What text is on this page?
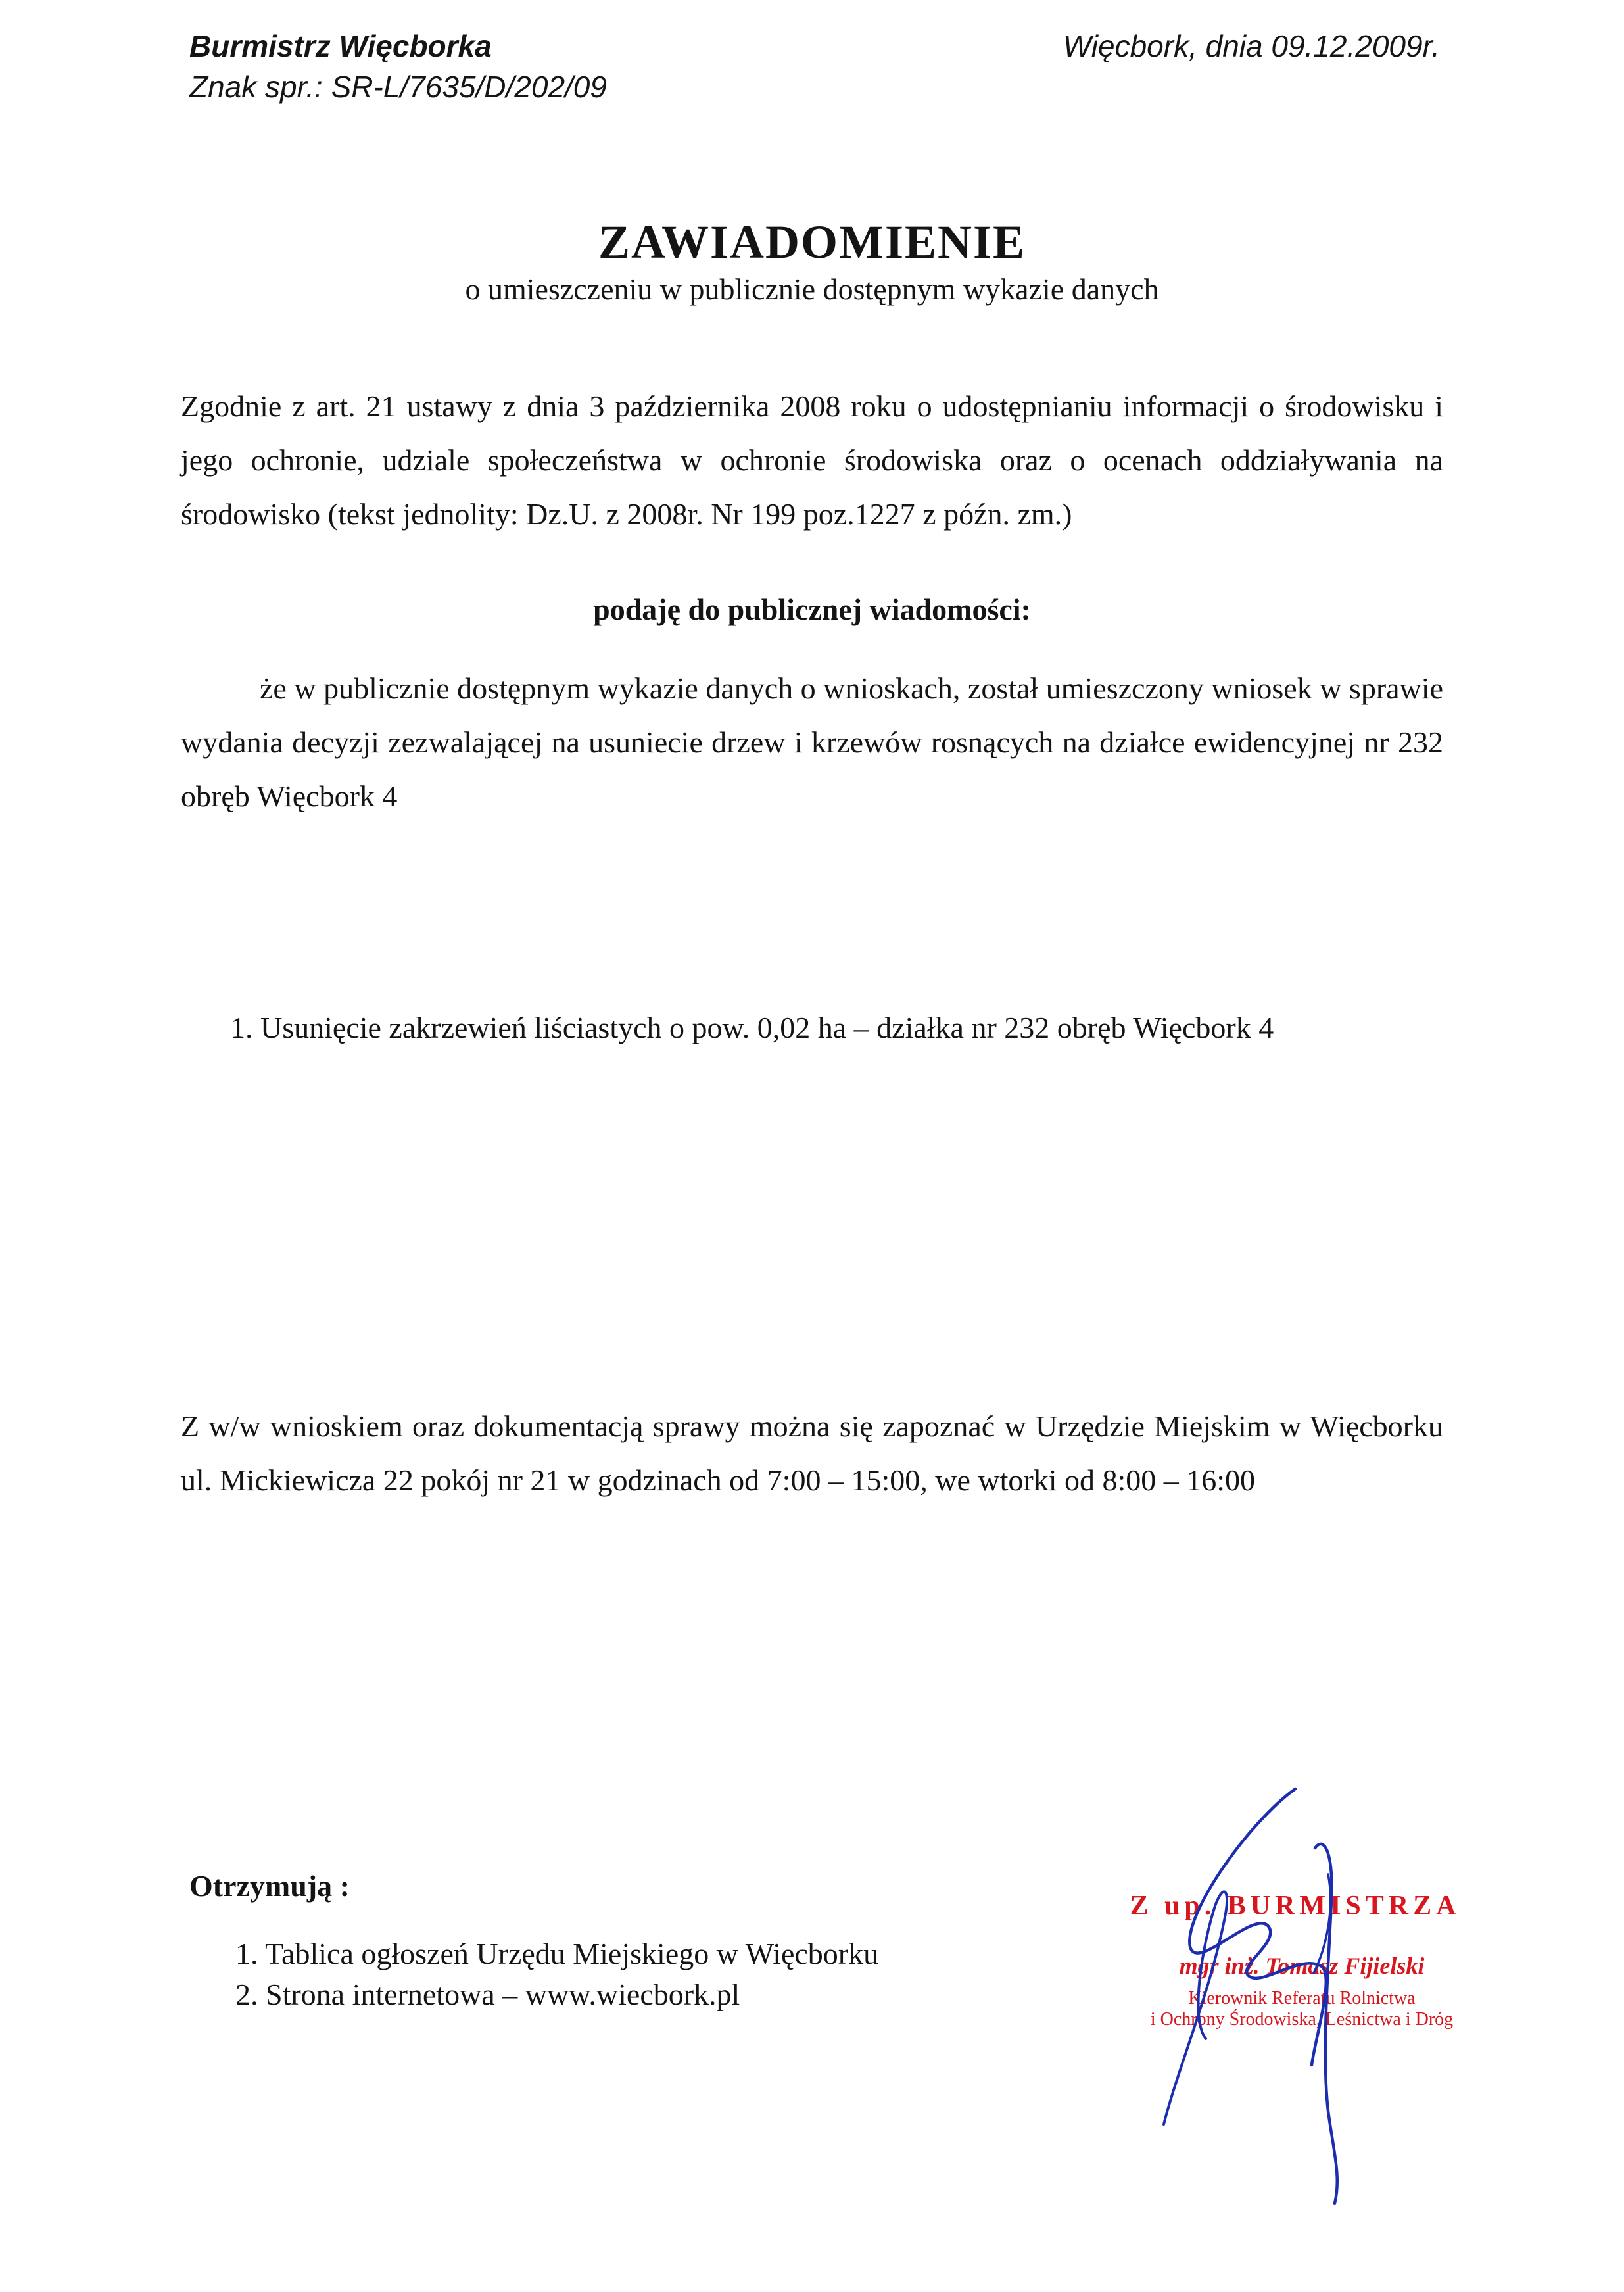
Burmistrz Więcborka
Znak spr.: SR-L/7635/D/202/09
Więcbork, dnia 09.12.2009r.
ZAWIADOMIENIE
o umieszczeniu w publicznie dostępnym wykazie danych
Zgodnie z art. 21 ustawy z dnia 3 października 2008 roku o udostępnianiu informacji o środowisku i jego ochronie, udziale społeczeństwa w ochronie środowiska oraz o ocenach oddziaływania na środowisko (tekst jednolity: Dz.U. z 2008r. Nr 199 poz.1227 z późn. zm.)
podaję do publicznej wiadomości:
że w publicznie dostępnym wykazie danych o wnioskach, został umieszczony wniosek w sprawie wydania decyzji zezwalającej na usuniecie drzew i krzewów rosnących na działce ewidencyjnej nr 232 obręb Więcbork 4
1. Usunięcie zakrzewień liściastych o pow. 0,02 ha – działka nr 232 obręb Więcbork 4
Z w/w wnioskiem oraz dokumentacją sprawy można się zapoznać w Urzędzie Miejskim w Więcborku ul. Mickiewicza 22 pokój nr 21 w godzinach od 7:00 – 15:00, we wtorki od 8:00 – 16:00
Otrzymują :
1. Tablica ogłoszeń Urzędu Miejskiego w Więcborku
2. Strona internetowa – www.wiecbork.pl
Z up. BURMISTRZA
mgr inż. Tomasz Fijielski
Kierownik Referatu Rolnictwa
i Ochrony Środowiska, Leśnictwa i Dróg
